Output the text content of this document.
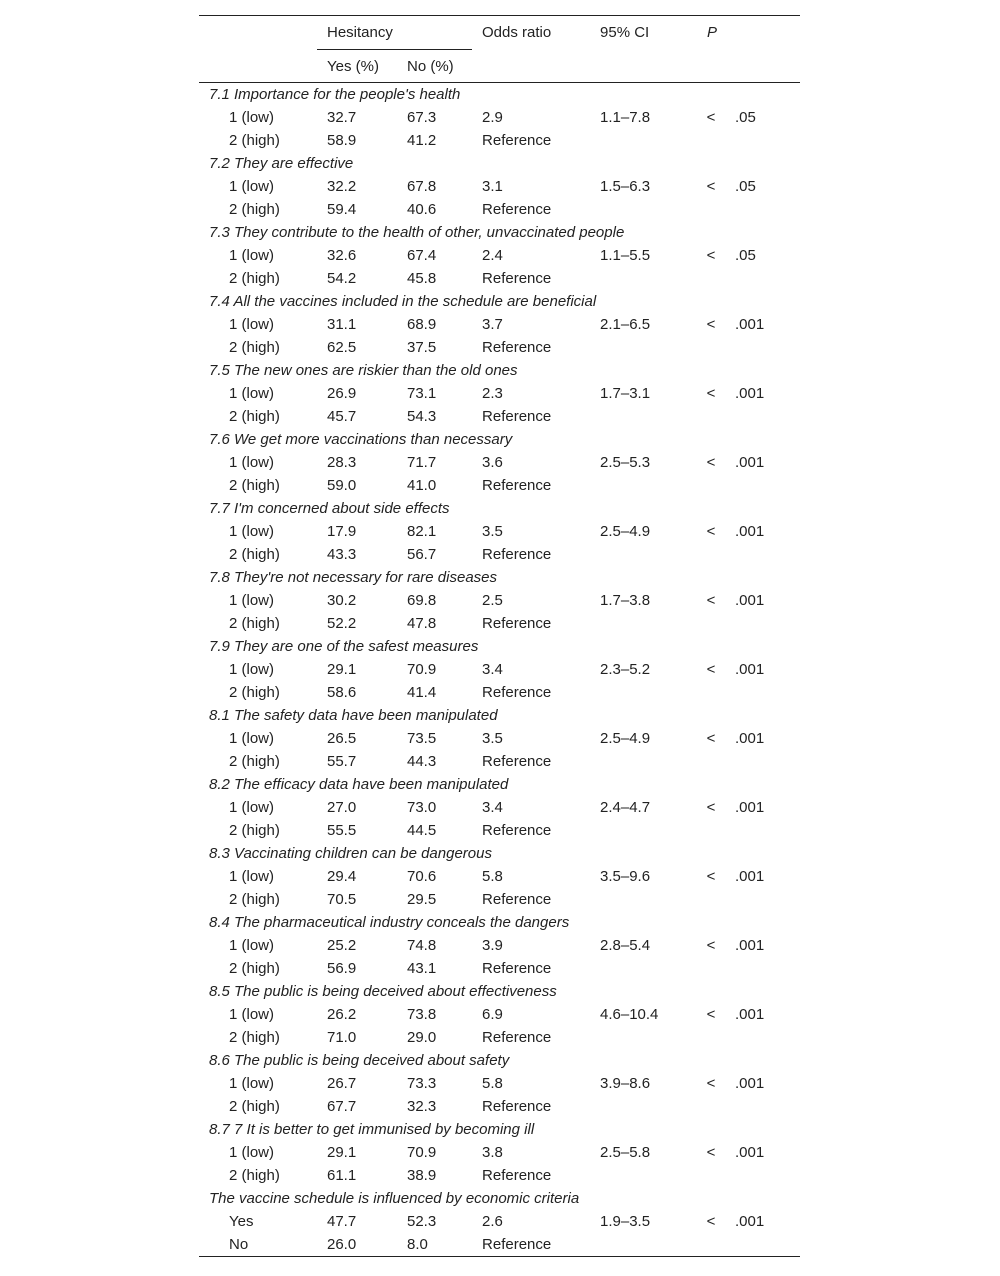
	Hesitancy		Odds ratio	95% CI	P	
	Yes (%)	No (%)				
7.1 Importance for the people's health						
1 (low)	32.7	67.3	2.9	1.1–7.8	<	.05
2 (high)	58.9	41.2	Reference			
7.2 They are effective						
1 (low)	32.2	67.8	3.1	1.5–6.3	<	.05
2 (high)	59.4	40.6	Reference			
7.3 They contribute to the health of other, unvaccinated people						
1 (low)	32.6	67.4	2.4	1.1–5.5	<	.05
2 (high)	54.2	45.8	Reference			
7.4 All the vaccines included in the schedule are beneficial						
1 (low)	31.1	68.9	3.7	2.1–6.5	<	.001
2 (high)	62.5	37.5	Reference			
7.5 The new ones are riskier than the old ones						
1 (low)	26.9	73.1	2.3	1.7–3.1	<	.001
2 (high)	45.7	54.3	Reference			
7.6 We get more vaccinations than necessary						
1 (low)	28.3	71.7	3.6	2.5–5.3	<	.001
2 (high)	59.0	41.0	Reference			
7.7 I'm concerned about side effects						
1 (low)	17.9	82.1	3.5	2.5–4.9	<	.001
2 (high)	43.3	56.7	Reference			
7.8 They're not necessary for rare diseases						
1 (low)	30.2	69.8	2.5	1.7–3.8	<	.001
2 (high)	52.2	47.8	Reference			
7.9 They are one of the safest measures						
1 (low)	29.1	70.9	3.4	2.3–5.2	<	.001
2 (high)	58.6	41.4	Reference			
8.1 The safety data have been manipulated						
1 (low)	26.5	73.5	3.5	2.5–4.9	<	.001
2 (high)	55.7	44.3	Reference			
8.2 The efficacy data have been manipulated						
1 (low)	27.0	73.0	3.4	2.4–4.7	<	.001
2 (high)	55.5	44.5	Reference			
8.3 Vaccinating children can be dangerous						
1 (low)	29.4	70.6	5.8	3.5–9.6	<	.001
2 (high)	70.5	29.5	Reference			
8.4 The pharmaceutical industry conceals the dangers						
1 (low)	25.2	74.8	3.9	2.8–5.4	<	.001
2 (high)	56.9	43.1	Reference			
8.5 The public is being deceived about effectiveness						
1 (low)	26.2	73.8	6.9	4.6–10.4	<	.001
2 (high)	71.0	29.0	Reference			
8.6 The public is being deceived about safety						
1 (low)	26.7	73.3	5.8	3.9–8.6	<	.001
2 (high)	67.7	32.3	Reference			
8.7 7 It is better to get immunised by becoming ill						
1 (low)	29.1	70.9	3.8	2.5–5.8	<	.001
2 (high)	61.1	38.9	Reference			
The vaccine schedule is influenced by economic criteria						
Yes	47.7	52.3	2.6	1.9–3.5	<	.001
No	26.0	8.0	Reference			
